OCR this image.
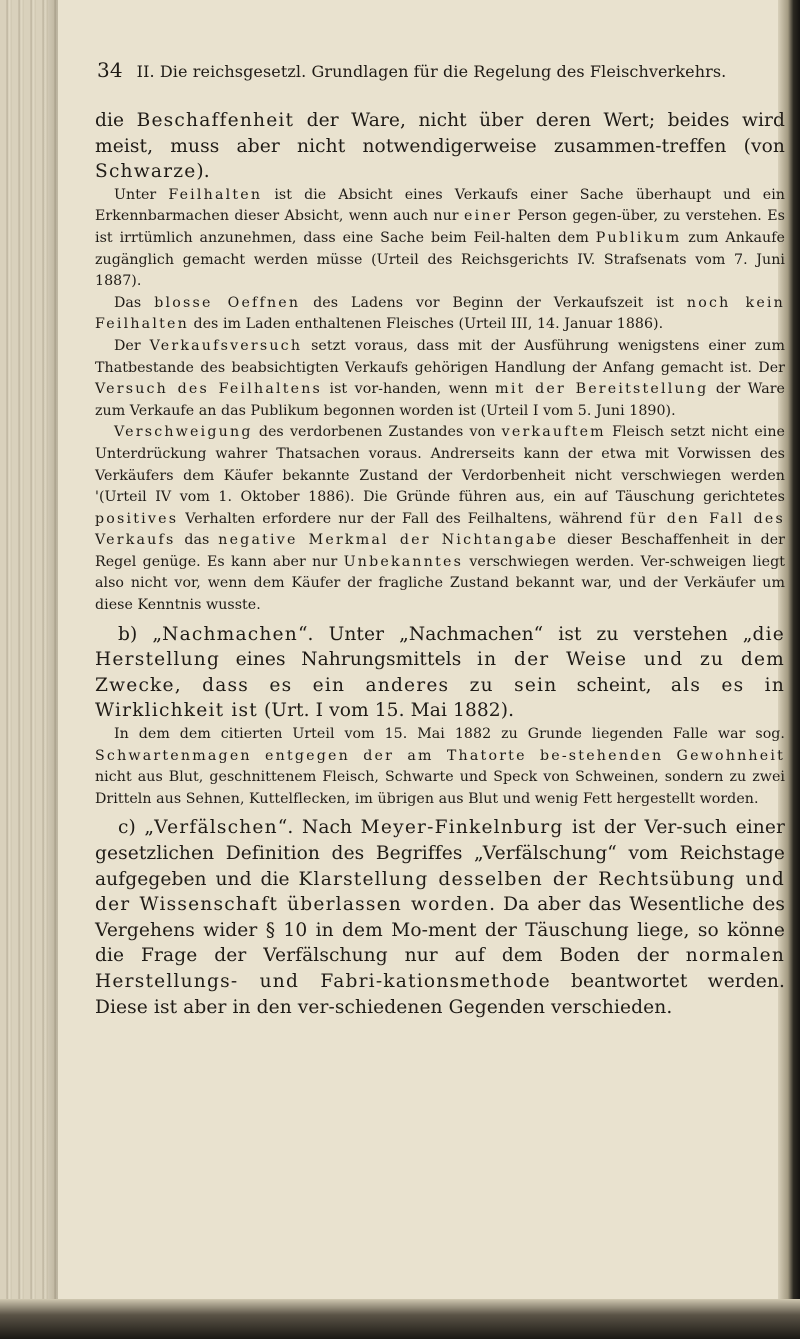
34 II. Die reichsgesetzl. Grundlagen für die Regelung des Fleischverkehrs.

die Beschaffenheit der Ware, nicht über deren Wert; beides wird meist, muss aber nicht notwendigerweise zusammen-treffen (von Schwarze).

Unter Feilhalten ist die Absicht eines Verkaufs einer Sache überhaupt und ein Erkennbarmachen dieser Absicht, wenn auch nur einer Person gegen-über, zu verstehen. Es ist irrtümlich anzunehmen, dass eine Sache beim Feil-halten dem Publikum zum Ankaufe zugänglich gemacht werden müsse (Urteil des Reichsgerichts IV. Strafsenats vom 7. Juni 1887).

Das blosse Oeffnen des Ladens vor Beginn der Verkaufszeit ist noch kein Feilhalten des im Laden enthaltenen Fleisches (Urteil III, 14. Januar 1886).

Der Verkaufsversuch setzt voraus, dass mit der Ausführung wenigstens einer zum Thatbestande des beabsichtigten Verkaufs gehörigen Handlung der Anfang gemacht ist. Der Versuch des Feilhaltens ist vor-handen, wenn mit der Bereitstellung der Ware zum Verkaufe an das Publikum begonnen worden ist (Urteil I vom 5. Juni 1890).

Verschweigung des verdorbenen Zustandes von verkauftem Fleisch setzt nicht eine Unterdrückung wahrer Thatsachen voraus. Andrerseits kann der etwa mit Vorwissen des Verkäufers dem Käufer bekannte Zustand der Verdorbenheit nicht verschwiegen werden '(Urteil IV vom 1. Oktober 1886). Die Gründe führen aus, ein auf Täuschung gerichtetes positives Verhalten erfordere nur der Fall des Feilhaltens, während für den Fall des Verkaufs das negative Merkmal der Nichtangabe dieser Beschaffenheit in der Regel genüge. Es kann aber nur Unbekanntes verschwiegen werden. Ver-schweigen liegt also nicht vor, wenn dem Käufer der fragliche Zustand bekannt war, und der Verkäufer um diese Kenntnis wusste.

b) „Nachmachen“. Unter „Nachmachen“ ist zu verstehen „die Herstellung eines Nahrungsmittels in der Weise und zu dem Zwecke, dass es ein anderes zu sein scheint, als es in Wirklichkeit ist (Urt. I vom 15. Mai 1882).

In dem dem citierten Urteil vom 15. Mai 1882 zu Grunde liegenden Falle war sog. Schwartenmagen entgegen der am Thatorte be-stehenden Gewohnheit nicht aus Blut, geschnittenem Fleisch, Schwarte und Speck von Schweinen, sondern zu zwei Dritteln aus Sehnen, Kuttelflecken, im übrigen aus Blut und wenig Fett hergestellt worden.

c) „Verfälschen“. Nach Meyer-Finkelnburg ist der Ver-such einer gesetzlichen Definition des Begriffes „Verfälschung“ vom Reichstage aufgegeben und die Klarstellung desselben der Rechtsübung und der Wissenschaft überlassen worden. Da aber das Wesentliche des Vergehens wider § 10 in dem Mo-ment der Täuschung liege, so könne die Frage der Verfälschung nur auf dem Boden der normalen Herstellungs- und Fabri-kationsmethode beantwortet werden. Diese ist aber in den ver-schiedenen Gegenden verschieden.
